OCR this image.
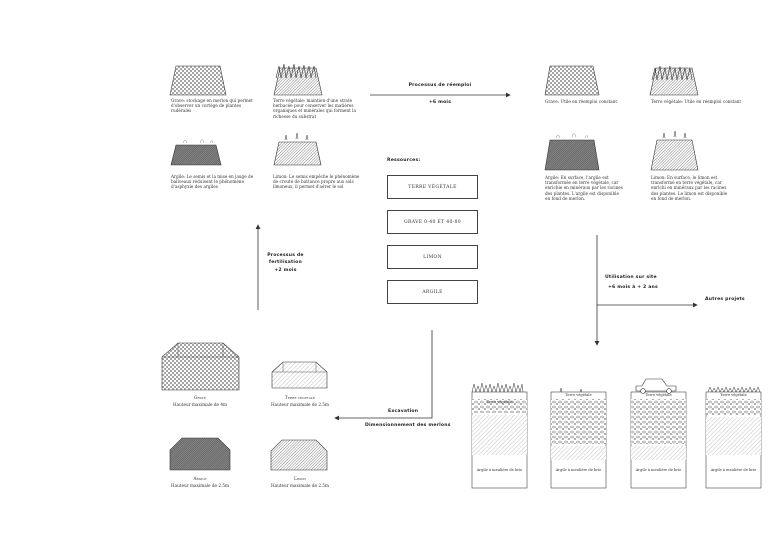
Grave: stockage en merlon qui permet d'observer un cortège de plantes rudérales
Terre végétale: maintien d'une strate herbacée pour conserver les matières organiques et minérales qui forment la richesse du substrat
Argile: Le semis et la mise en jauge de baliveaux réduisent le phénomène d'asphyxie des argiles
Limon: Le semis empêche le phénomène de croute de battance propre aux sols limoneux, il permet d'aérer le sol
Processus de réemploi
+6 mois	Grave: Utile en réemploi constant	Terre végétale: Utile en réemploi constant
Argile: En surface, l'argile est transformée en terre végétale, car enrichie en minéraux par les racines des plantes. L'argile est disponible en fond de merlon.
Limon: En surface, le limon est transformé en terre végétale, car enrichi en minéraux par les racines des plantes. Le limon est disponible en fond de merlon.
Ressources:
TERRE VÉGÉTALE
GRAVE 0-40 ET 40-80
LIMON
ARGILE
Processus de
fertilisation
+2 mois
Utilisation sur site
+6 mois à + 2 ans
Autres projets
Excavation
Dimensionnement des merlons
Grave
Hauteur maximale de 4m
Terre végétale
Hauteur maximale de 2.5m
Argile
Hauteur maximale de 2.5m
Limon
Hauteur maximale de 2.5m
Terre végétale
Argile à meulière de brie
Terre végétale
Argile à meulière de brie
Terre végétale
Argile à meulière de brie
Terre végétale
Argile à meulière de brie
